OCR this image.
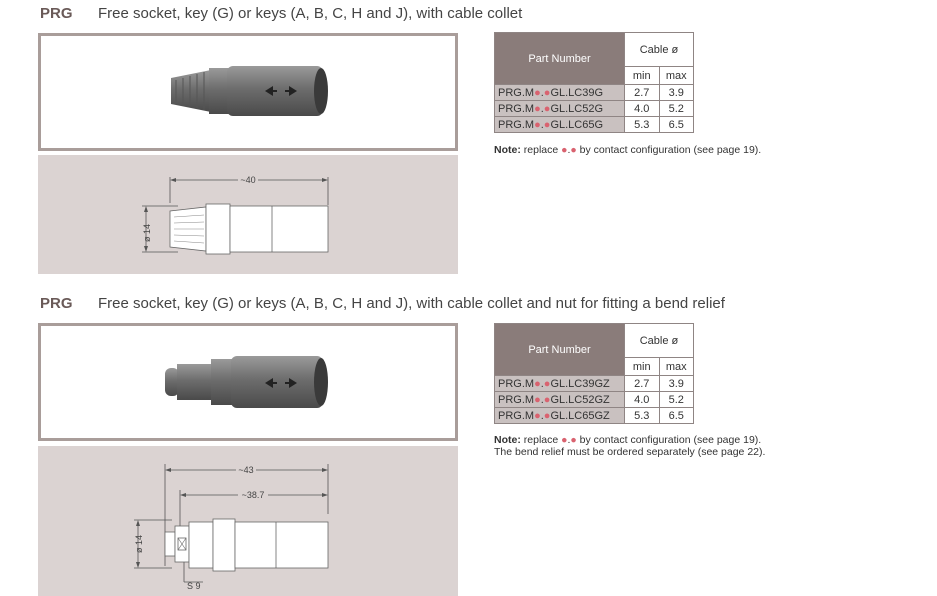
PRG Free socket, key (G) or keys (A, B, C, H and J), with cable collet
~40
ø 14
Part Number	Cable ø	
	min	max
PRG.M●.●GL.LC39G	2.7	3.9
PRG.M●.●GL.LC52G	4.0	5.2
PRG.M●.●GL.LC65G	5.3	6.5
Note: replace ●.● by contact configuration (see page 19).
PRG Free socket, key (G) or keys (A, B, C, H and J), with cable collet and nut for fitting a bend relief
~43
~38.7
ø 14
S 9
Part Number	Cable ø	
	min	max
PRG.M●.●GL.LC39GZ	2.7	3.9
PRG.M●.●GL.LC52GZ	4.0	5.2
PRG.M●.●GL.LC65GZ	5.3	6.5
Note: replace ●.● by contact configuration (see page 19).
The bend relief must be ordered separately (see page 22).
